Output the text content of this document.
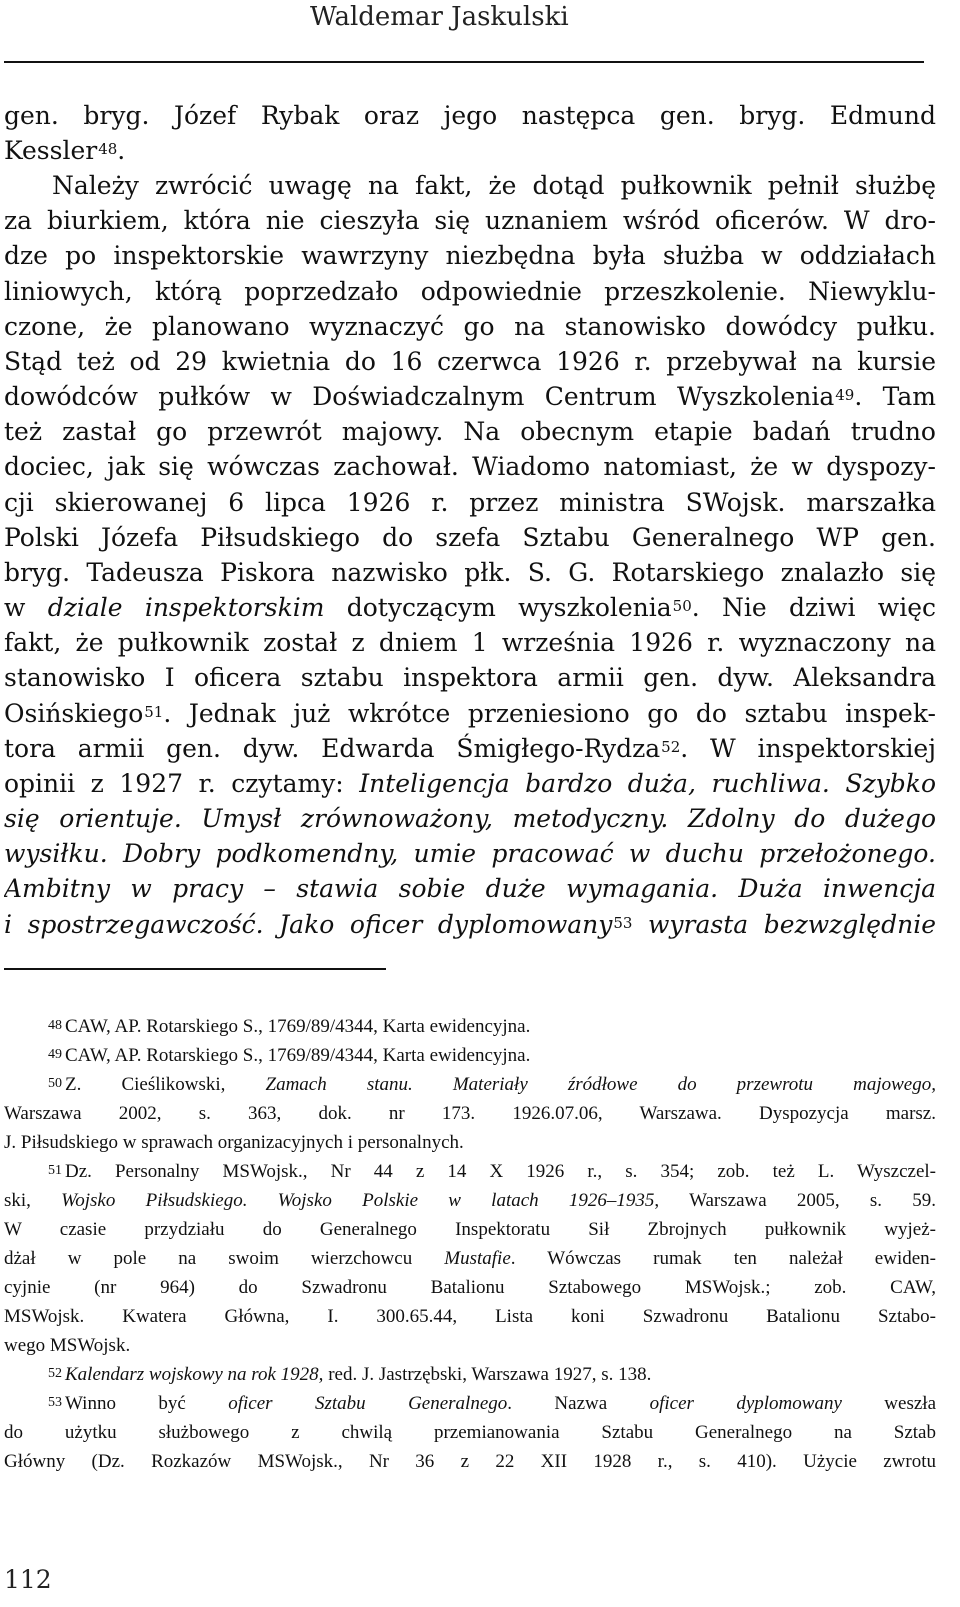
Waldemar Jaskulski
gen. bryg. Józef Rybak oraz jego następca gen. bryg. Edmund
Kessler$^{48}$.
Należy zwrócić uwagę na fakt, że dotąd pułkownik pełnił służbę
za biurkiem, która nie cieszyła się uznaniem wśród oficerów. W dro-
dze po inspektorskie wawrzyny niezbędna była służba w oddziałach
liniowych, którą poprzedzało odpowiednie przeszkolenie. Niewyklu-
czone, że planowano wyznaczyć go na stanowisko dowódcy pułku.
Stąd też od 29 kwietnia do 16 czerwca 1926 r. przebywał na kursie
dowódców pułków w Doświadczalnym Centrum Wyszkolenia$^{49}$. Tam
też zastał go przewrót majowy. Na obecnym etapie badań trudno
dociec, jak się wówczas zachował. Wiadomo natomiast, że w dyspozy-
cji skierowanej 6 lipca 1926 r. przez ministra SWojsk. marszałka
Polski Józefa Piłsudskiego do szefa Sztabu Generalnego WP gen.
bryg. Tadeusza Piskora nazwisko płk. S. G. Rotarskiego znalazło się
w dziale inspektorskim dotyczącym wyszkolenia$^{50}$. Nie dziwi więc
fakt, że pułkownik został z dniem 1 września 1926 r. wyznaczony na
stanowisko I oficera sztabu inspektora armii gen. dyw. Aleksandra
Osińskiego$^{51}$. Jednak już wkrótce przeniesiono go do sztabu inspek-
tora armii gen. dyw. Edwarda Śmigłego-Rydza$^{52}$. W inspektorskiej
opinii z 1927 r. czytamy: Inteligencja bardzo duża, ruchliwa. Szybko
się orientuje. Umysł zrównoważony, metodyczny. Zdolny do dużego
wysiłku. Dobry podkomendny, umie pracować w duchu przełożonego.
Ambitny w pracy – stawia sobie duże wymagania. Duża inwencja
i spostrzegawczość. Jako oficer dyplomowany$^{53}$ wyrasta bezwzględnie
$^{48}$ CAW, AP. Rotarskiego S., 1769/89/4344, Karta ewidencyjna.
$^{49}$ CAW, AP. Rotarskiego S., 1769/89/4344, Karta ewidencyjna.
$^{50}$ Z. Cieślikowski, Zamach stanu. Materiały źródłowe do przewrotu majowego,
Warszawa 2002, s. 363, dok. nr 173. 1926.07.06, Warszawa. Dyspozycja marsz.
J. Piłsudskiego w sprawach organizacyjnych i personalnych.
$^{51}$ Dz. Personalny MSWojsk., Nr 44 z 14 X 1926 r., s. 354; zob. też L. Wyszczel-
ski, Wojsko Piłsudskiego. Wojsko Polskie w latach 1926–1935, Warszawa 2005, s. 59.
W czasie przydziału do Generalnego Inspektoratu Sił Zbrojnych pułkownik wyjeż-
dżał w pole na swoim wierzchowcu Mustafie. Wówczas rumak ten należał ewiden-
cyjnie (nr 964) do Szwadronu Batalionu Sztabowego MSWojsk.; zob. CAW,
MSWojsk. Kwatera Główna, I. 300.65.44, Lista koni Szwadronu Batalionu Sztabo-
wego MSWojsk.
$^{52}$ Kalendarz wojskowy na rok 1928, red. J. Jastrzębski, Warszawa 1927, s. 138.
$^{53}$ Winno być oficer Sztabu Generalnego. Nazwa oficer dyplomowany weszła
do użytku służbowego z chwilą przemianowania Sztabu Generalnego na Sztab
Główny (Dz. Rozkazów MSWojsk., Nr 36 z 22 XII 1928 r., s. 410). Użycie zwrotu
112
